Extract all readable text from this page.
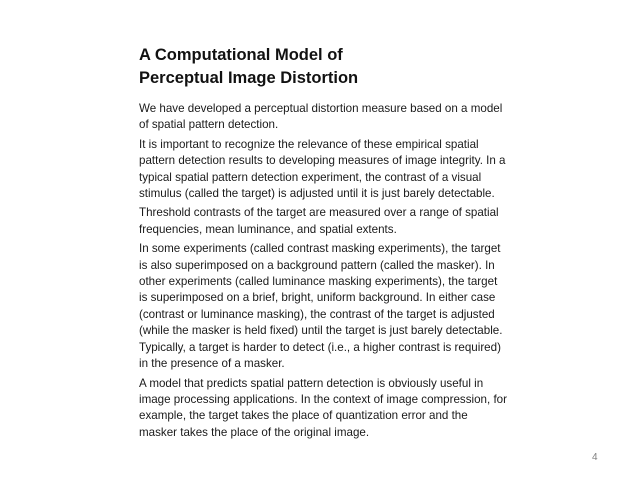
A Computational Model of
Perceptual Image Distortion

We have developed a perceptual distortion measure based on a model
of spatial pattern detection.

It is important to recognize the relevance of these empirical spatial
pattern detection results to developing measures of image integrity. In a
typical spatial pattern detection experiment, the contrast of a visual
stimulus (called the target) is adjusted until it is just barely detectable.

Threshold contrasts of the target are measured over a range of spatial
frequencies, mean luminance, and spatial extents.

In some experiments (called contrast masking experiments), the target
is also superimposed on a background pattern (called the masker). In
other experiments (called luminance masking experiments), the target
is superimposed on a brief, bright, uniform background. In either case
(contrast or luminance masking), the contrast of the target is adjusted
(while the masker is held fixed) until the target is just barely detectable.
Typically, a target is harder to detect (i.e., a higher contrast is required)
in the presence of a masker.

A model that predicts spatial pattern detection is obviously useful in
image processing applications. In the context of image compression, for
example, the target takes the place of quantization error and the
masker takes the place of the original image.

4
